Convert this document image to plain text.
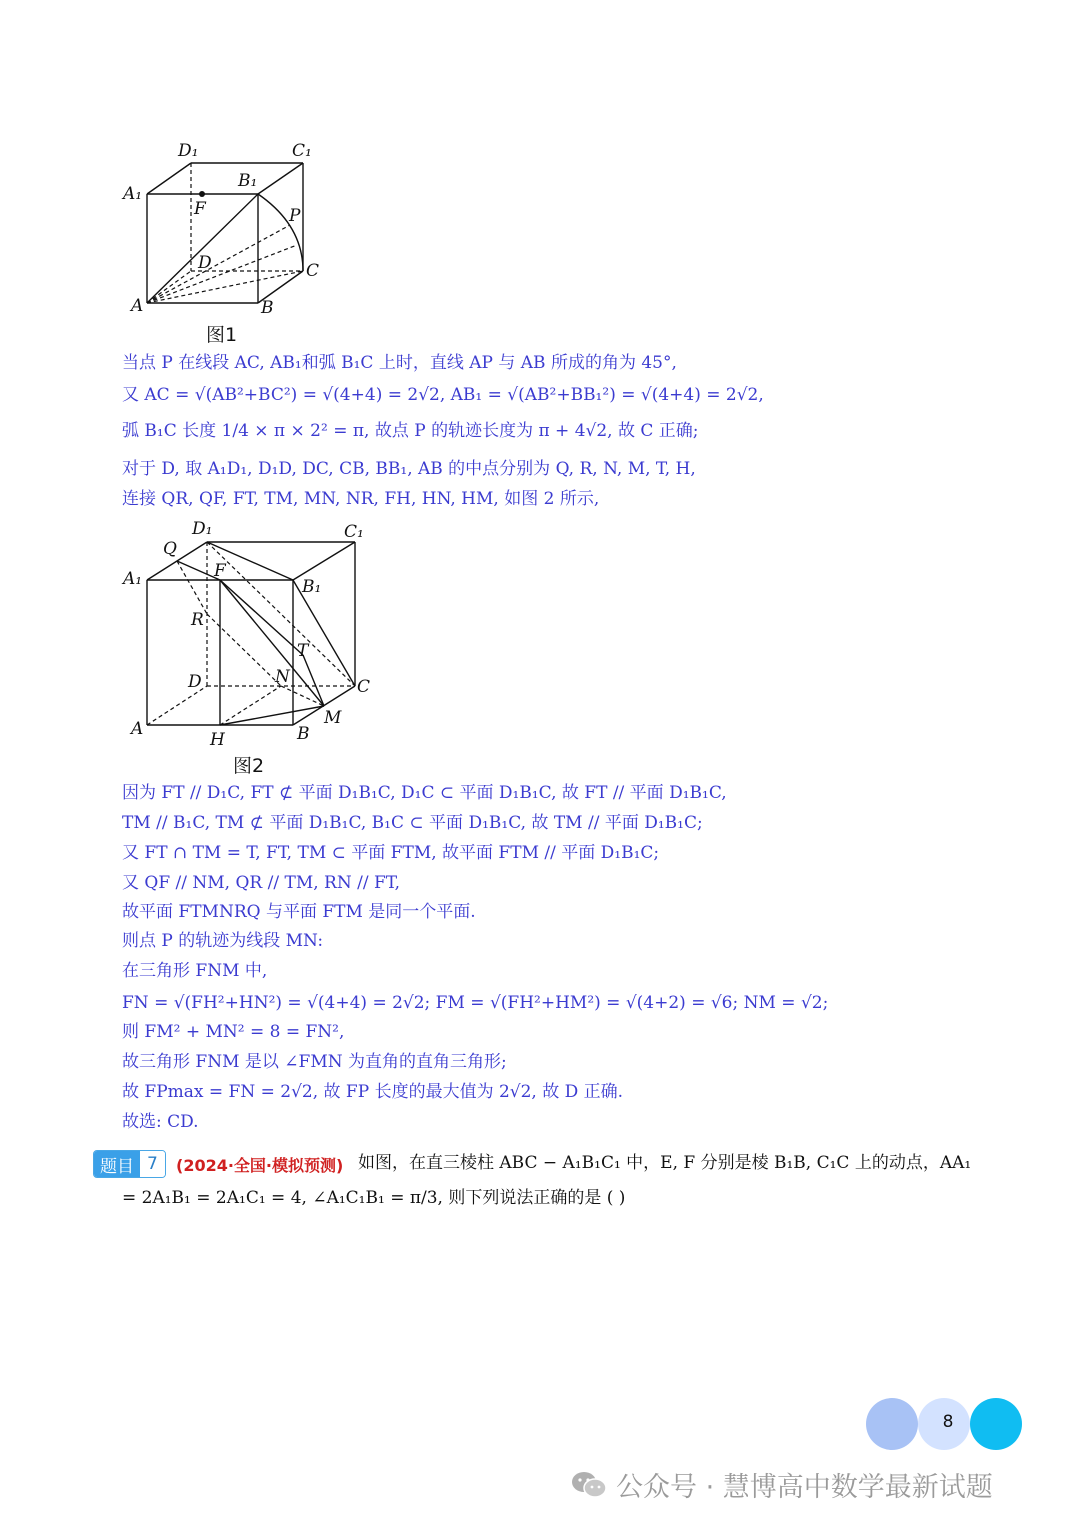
D₁	C₁
A₁
B₁
F	P
D	C
A	B
图1
当点 P 在线段 AC, AB₁和弧 B₁C 上时，直线 AP 与 AB 所成的角为 45°,
又 AC = √(AB²+BC²) = √(4+4) = 2√2, AB₁ = √(AB²+BB₁²) = √(4+4) = 2√2,
弧 B₁C 长度 1/4 × π × 2² = π, 故点 P 的轨迹长度为 π + 4√2, 故 C 正确;
对于 D, 取 A₁D₁, D₁D, DC, CB, BB₁, AB 的中点分别为 Q, R, N, M, T, H,
连接 QR, QF, FT, TM, MN, NR, FH, HN, HM, 如图 2 所示,
D₁	C₁
Q
F
A₁	B₁
R
T
D	N	C
M
A
H	B
图2
因为 FT // D₁C, FT ⊄ 平面 D₁B₁C, D₁C ⊂ 平面 D₁B₁C, 故 FT // 平面 D₁B₁C,
TM // B₁C, TM ⊄ 平面 D₁B₁C, B₁C ⊂ 平面 D₁B₁C, 故 TM // 平面 D₁B₁C;
又 FT ∩ TM = T, FT, TM ⊂ 平面 FTM, 故平面 FTM // 平面 D₁B₁C;
又 QF // NM, QR // TM, RN // FT,
故平面 FTMNRQ 与平面 FTM 是同一个平面.
则点 P 的轨迹为线段 MN:
在三角形 FNM 中,
FN = √(FH²+HN²) = √(4+4) = 2√2; FM = √(FH²+HM²) = √(4+2) = √6; NM = √2;
则 FM² + MN² = 8 = FN²,
故三角形 FNM 是以 ∠FMN 为直角的直角三角形;
故 FPmax = FN = 2√2, 故 FP 长度的最大值为 2√2, 故 D 正确.
故选: CD.
题目 7	(2024·全国·模拟预测) 如图，在直三棱柱 ABC − A₁B₁C₁ 中，E, F 分别是棱 B₁B, C₁C 上的动点，AA₁
= 2A₁B₁ = 2A₁C₁ = 4, ∠A₁C₁B₁ = π/3, 则下列说法正确的是 ( )
8
公众号 · 慧博高中数学最新试题
